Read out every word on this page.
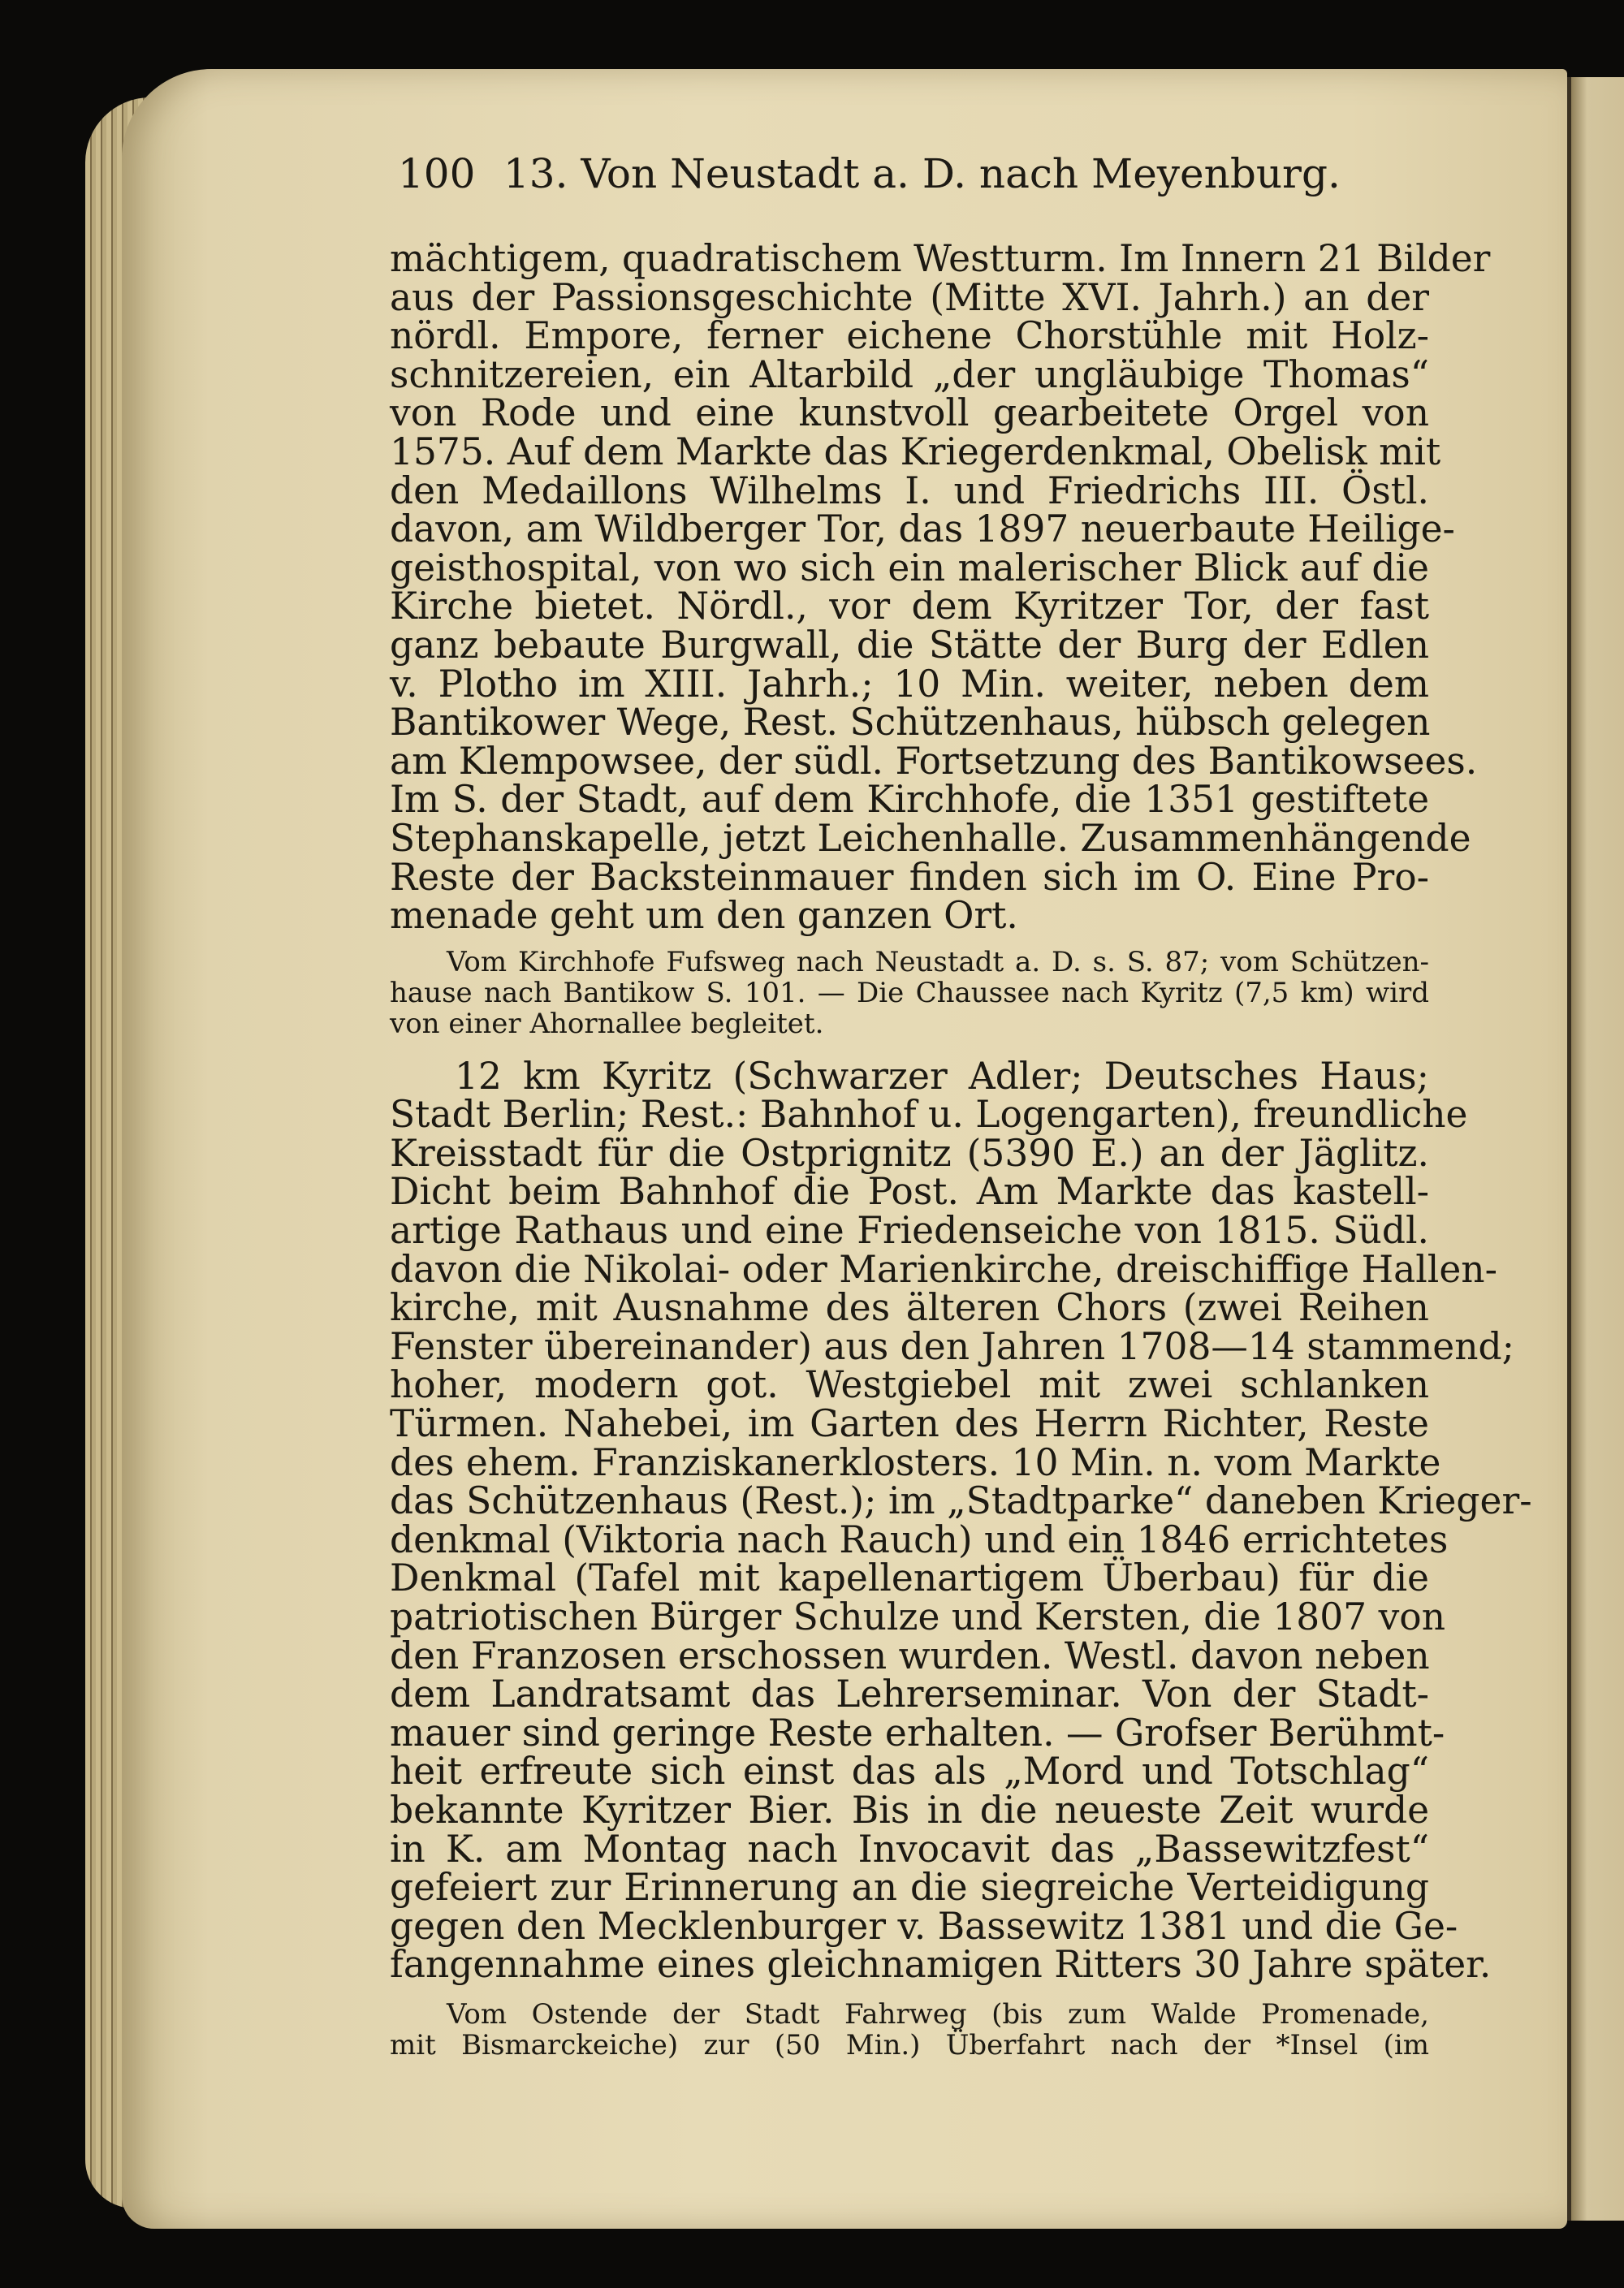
100 13. Von Neustadt a. D. nach Meyenburg.
mächtigem, quadratischem Westturm. Im Innern 21 Bilder
aus der Passionsgeschichte (Mitte XVI. Jahrh.) an der
nördl. Empore, ferner eichene Chorstühle mit Holz-
schnitzereien, ein Altarbild „der ungläubige Thomas“
von Rode und eine kunstvoll gearbeitete Orgel von
1575. Auf dem Markte das Kriegerdenkmal, Obelisk mit
den Medaillons Wilhelms I. und Friedrichs III. Östl.
davon, am Wildberger Tor, das 1897 neuerbaute Heilige-
geisthospital, von wo sich ein malerischer Blick auf die
Kirche bietet. Nördl., vor dem Kyritzer Tor, der fast
ganz bebaute Burgwall, die Stätte der Burg der Edlen
v. Plotho im XIII. Jahrh.; 10 Min. weiter, neben dem
Bantikower Wege, Rest. Schützenhaus, hübsch gelegen
am Klempowsee, der südl. Fortsetzung des Bantikowsees.
Im S. der Stadt, auf dem Kirchhofe, die 1351 gestiftete
Stephanskapelle, jetzt Leichenhalle. Zusammenhängende
Reste der Backsteinmauer finden sich im O. Eine Pro-
menade geht um den ganzen Ort.
Vom Kirchhofe Fufsweg nach Neustadt a. D. s. S. 87; vom Schützen-
hause nach Bantikow S. 101. — Die Chaussee nach Kyritz (7,5 km) wird
von einer Ahornallee begleitet.
12 km Kyritz (Schwarzer Adler; Deutsches Haus;
Stadt Berlin; Rest.: Bahnhof u. Logengarten), freundliche
Kreisstadt für die Ostprignitz (5390 E.) an der Jäglitz.
Dicht beim Bahnhof die Post. Am Markte das kastell-
artige Rathaus und eine Friedenseiche von 1815. Südl.
davon die Nikolai- oder Marienkirche, dreischiffige Hallen-
kirche, mit Ausnahme des älteren Chors (zwei Reihen
Fenster übereinander) aus den Jahren 1708—14 stammend;
hoher, modern got. Westgiebel mit zwei schlanken
Türmen. Nahebei, im Garten des Herrn Richter, Reste
des ehem. Franziskanerklosters. 10 Min. n. vom Markte
das Schützenhaus (Rest.); im „Stadtparke“ daneben Krieger-
denkmal (Viktoria nach Rauch) und ein 1846 errichtetes
Denkmal (Tafel mit kapellenartigem Überbau) für die
patriotischen Bürger Schulze und Kersten, die 1807 von
den Franzosen erschossen wurden. Westl. davon neben
dem Landratsamt das Lehrerseminar. Von der Stadt-
mauer sind geringe Reste erhalten. — Grofser Berühmt-
heit erfreute sich einst das als „Mord und Totschlag“
bekannte Kyritzer Bier. Bis in die neueste Zeit wurde
in K. am Montag nach Invocavit das „Bassewitzfest“
gefeiert zur Erinnerung an die siegreiche Verteidigung
gegen den Mecklenburger v. Bassewitz 1381 und die Ge-
fangennahme eines gleichnamigen Ritters 30 Jahre später.
Vom Ostende der Stadt Fahrweg (bis zum Walde Promenade,
mit Bismarckeiche) zur (50 Min.) Überfahrt nach der *Insel (im
